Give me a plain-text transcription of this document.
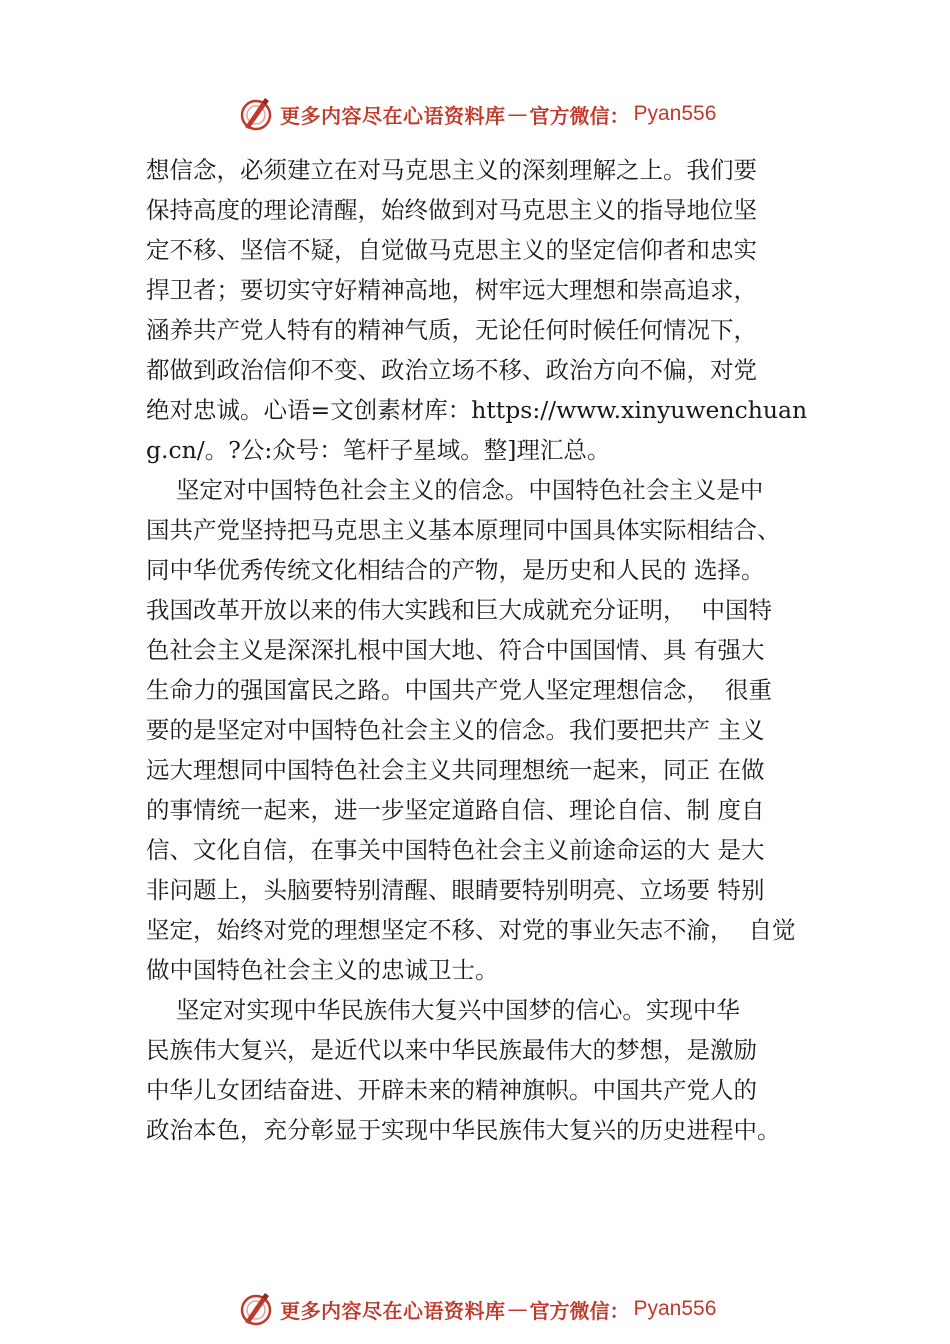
更多内容尽在心语资料库 — 官方微信： Pyan556
想信念，必须建立在对马克思主义的深刻理解之上。我们要
保持高度的理论清醒，始终做到对马克思主义的指导地位坚
定不移、坚信不疑，自觉做马克思主义的坚定信仰者和忠实
捍卫者；要切实守好精神高地，树牢远大理想和崇高追求，
涵养共产党人特有的精神气质，无论任何时候任何情况下，
都做到政治信仰不变、政治立场不移、政治方向不偏，对党
绝对忠诚。心语=文创素材库：https://www.xinyuwenchuan
g.cn/。?公:众号：笔杆子星域。整]理汇总。
坚定对中国特色社会主义的信念。中国特色社会主义是中
国共产党坚持把马克思主义基本原理同中国具体实际相结合、
同中华优秀传统文化相结合的产物，是历史和人民的 选择。
我国改革开放以来的伟大实践和巨大成就充分证明，  中国特
色社会主义是深深扎根中国大地、符合中国国情、具 有强大
生命力的强国富民之路。中国共产党人坚定理想信念，  很重
要的是坚定对中国特色社会主义的信念。我们要把共产 主义
远大理想同中国特色社会主义共同理想统一起来，同正 在做
的事情统一起来，进一步坚定道路自信、理论自信、制 度自
信、文化自信，在事关中国特色社会主义前途命运的大 是大
非问题上，头脑要特别清醒、眼睛要特别明亮、立场要 特别
坚定，始终对党的理想坚定不移、对党的事业矢志不渝，  自觉
做中国特色社会主义的忠诚卫士。
坚定对实现中华民族伟大复兴中国梦的信心。实现中华
民族伟大复兴，是近代以来中华民族最伟大的梦想，是激励
中华儿女团结奋进、开辟未来的精神旗帜。中国共产党人的
政治本色，充分彰显于实现中华民族伟大复兴的历史进程中。
更多内容尽在心语资料库 — 官方微信： Pyan556
